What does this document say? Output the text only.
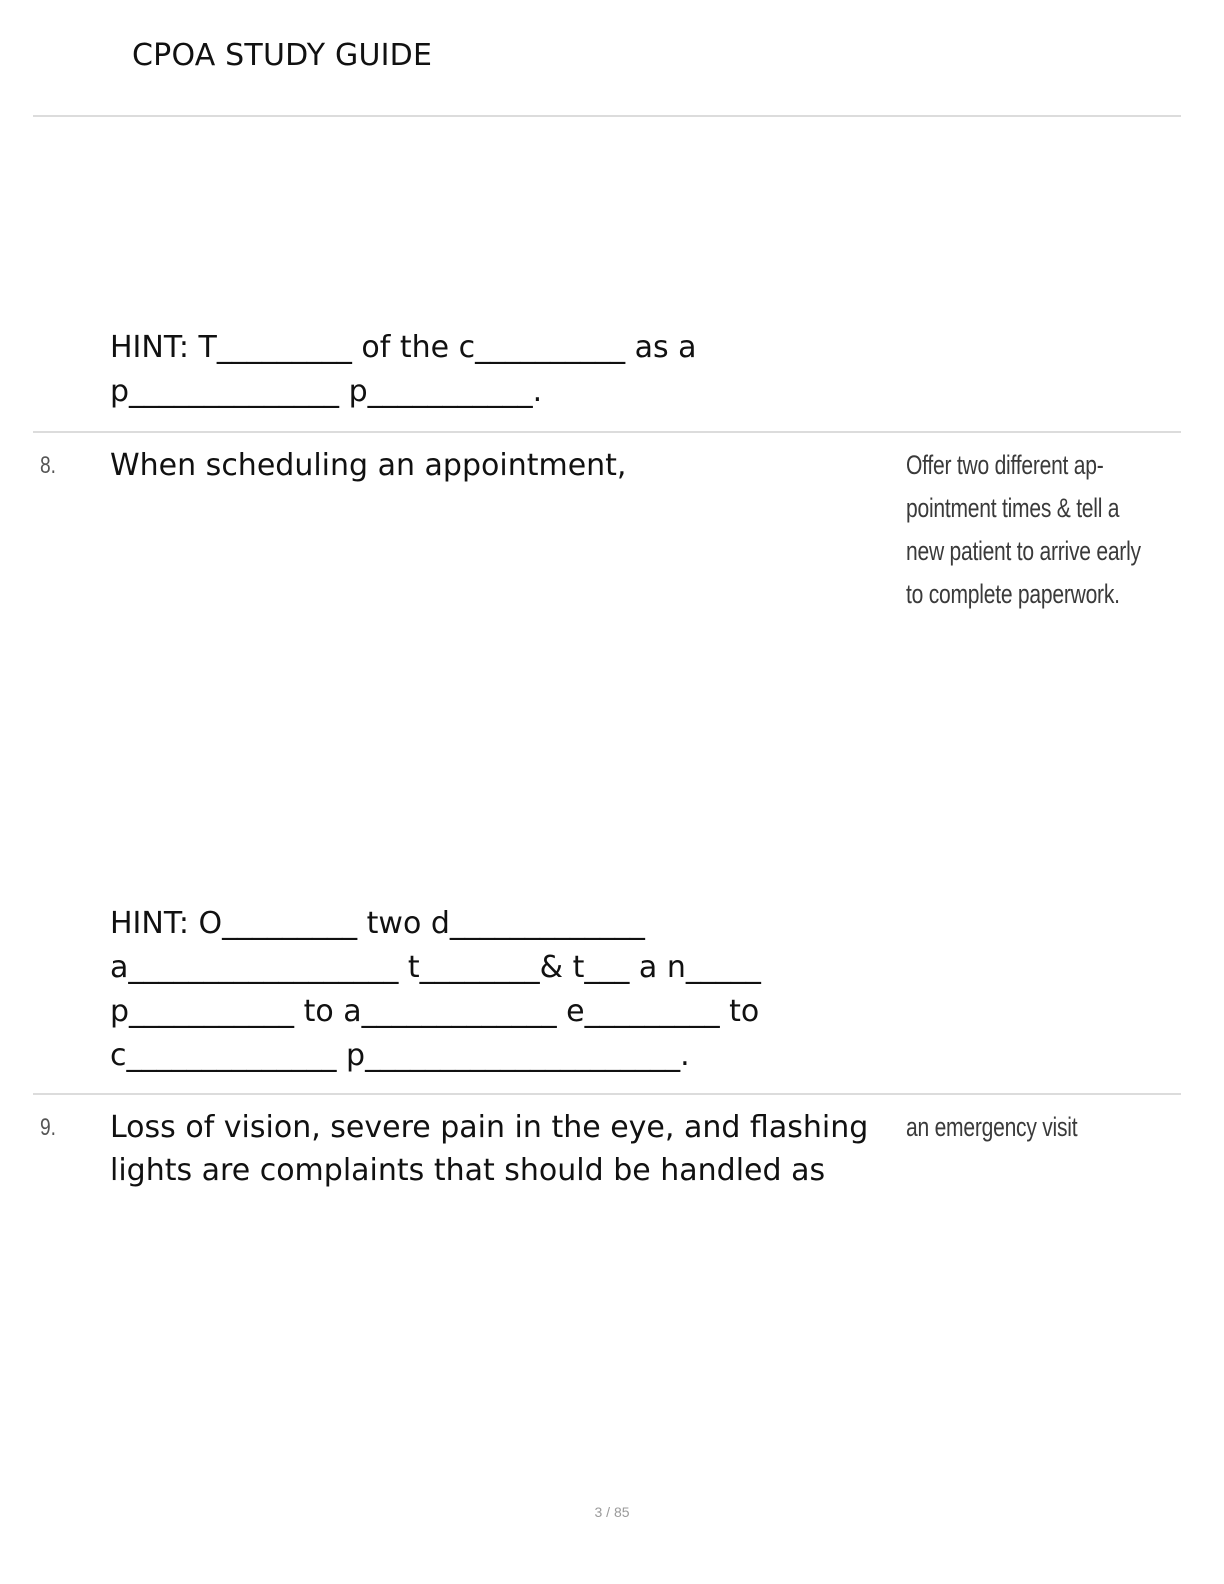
CPOA STUDY GUIDE
HINT: T_________ of the c__________ as a
p______________ p___________.
8. When scheduling an appointment,	Offer two different ap-
pointment times & tell a
new patient to arrive early
to complete paperwork.
HINT: O_________ two d_____________
a__________________ t________& t___ a n_____
p___________ to a_____________ e_________ to
c______________ p_____________________.
9. Loss of vision, severe pain in the eye, and flashing
lights are complaints that should be handled as
an emergency visit
3 / 85
